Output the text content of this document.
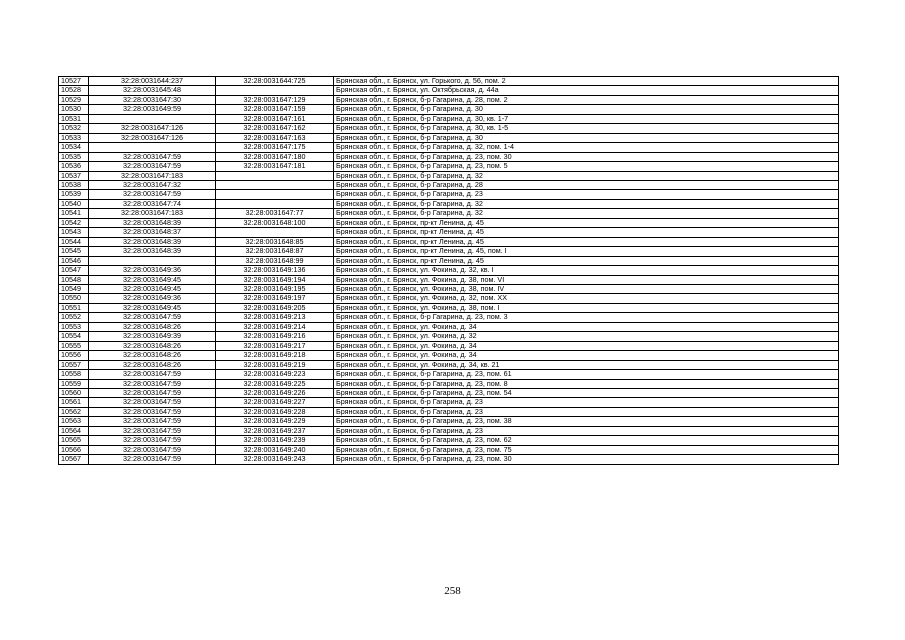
10527	32:28:0031644:237	32:28:0031644:725	Брянская обл., г. Брянск, ул. Горького, д. 56, пом. 2
10528	32:28:0031645:48		Брянская обл., г. Брянск, ул. Октябрьская, д. 44а
10529	32:28:0031647:30	32:28:0031647:129	Брянская обл., г. Брянск, б-р Гагарина, д. 28, пом. 2
10530	32:28:0031649:59	32:28:0031647:159	Брянская обл., г. Брянск, б-р Гагарина, д. 30
10531		32:28:0031647:161	Брянская обл., г. Брянск, б-р Гагарина, д. 30, кв. 1-7
10532	32:28:0031647:126	32:28:0031647:162	Брянская обл., г. Брянск, б-р Гагарина, д. 30, кв. 1-5
10533	32:28:0031647:126	32:28:0031647:163	Брянская обл., г. Брянск, б-р Гагарина, д. 30
10534		32:28:0031647:175	Брянская обл., г. Брянск, б-р Гагарина, д. 32, пом. 1-4
10535	32:28:0031647:59	32:28:0031647:180	Брянская обл., г. Брянск, б-р Гагарина, д. 23, пом. 30
10536	32:28:0031647:59	32:28:0031647:181	Брянская обл., г. Брянск, б-р Гагарина, д. 23, пом. 5
10537	32:28:0031647:183		Брянская обл., г. Брянск, б-р Гагарина, д. 32
10538	32:28:0031647:32		Брянская обл., г. Брянск, б-р Гагарина, д. 28
10539	32:28:0031647:59		Брянская обл., г. Брянск, б-р Гагарина, д. 23
10540	32:28:0031647:74		Брянская обл., г. Брянск, б-р Гагарина, д. 32
10541	32:28:0031647:183	32:28:0031647:77	Брянская обл., г. Брянск, б-р Гагарина, д. 32
10542	32:28:0031648:39	32:28:0031648:100	Брянская обл., г. Брянск, пр-кт Ленина, д. 45
10543	32:28:0031648:37		Брянская обл., г. Брянск, пр-кт Ленина, д. 45
10544	32:28:0031648:39	32:28:0031648:85	Брянская обл., г. Брянск, пр-кт Ленина, д. 45
10545	32:28:0031648:39	32:28:0031648:87	Брянская обл., г. Брянск, пр-кт Ленина, д. 45, пом. I
10546		32:28:0031648:99	Брянская обл., г. Брянск, пр-кт Ленина, д. 45
10547	32:28:0031649:36	32:28:0031649:136	Брянская обл., г. Брянск, ул. Фокина, д. 32, кв. I
10548	32:28:0031649:45	32:28:0031649:194	Брянская обл., г. Брянск, ул. Фокина, д. 38, пом. VI
10549	32:28:0031649:45	32:28:0031649:195	Брянская обл., г. Брянск, ул. Фокина, д. 38, пом. IV
10550	32:28:0031649:36	32:28:0031649:197	Брянская обл., г. Брянск, ул. Фокина, д. 32, пом. XX
10551	32:28:0031649:45	32:28:0031649:205	Брянская обл., г. Брянск, ул. Фокина, д. 38, пом. I
10552	32:28:0031647:59	32:28:0031649:213	Брянская обл., г. Брянск, б-р Гагарина, д. 23, пом. 3
10553	32:28:0031648:26	32:28:0031649:214	Брянская обл., г. Брянск, ул. Фокина, д. 34
10554	32:28:0031649:39	32:28:0031649:216	Брянская обл., г. Брянск, ул. Фокина, д. 32
10555	32:28:0031648:26	32:28:0031649:217	Брянская обл., г. Брянск, ул. Фокина, д. 34
10556	32:28:0031648:26	32:28:0031649:218	Брянская обл., г. Брянск, ул. Фокина, д. 34
10557	32:28:0031648:26	32:28:0031649:219	Брянская обл., г. Брянск, ул. Фокина, д. 34, кв. 21
10558	32:28:0031647:59	32:28:0031649:223	Брянская обл., г. Брянск, б-р Гагарина, д. 23, пом. 61
10559	32:28:0031647:59	32:28:0031649:225	Брянская обл., г. Брянск, б-р Гагарина, д. 23, пом. 8
10560	32:28:0031647:59	32:28:0031649:226	Брянская обл., г. Брянск, б-р Гагарина, д. 23, пом. 54
10561	32:28:0031647:59	32:28:0031649:227	Брянская обл., г. Брянск, б-р Гагарина, д. 23
10562	32:28:0031647:59	32:28:0031649:228	Брянская обл., г. Брянск, б-р Гагарина, д. 23
10563	32:28:0031647:59	32:28:0031649:229	Брянская обл., г. Брянск, б-р Гагарина, д. 23, пом. 38
10564	32:28:0031647:59	32:28:0031649:237	Брянская обл., г. Брянск, б-р Гагарина, д. 23
10565	32:28:0031647:59	32:28:0031649:239	Брянская обл., г. Брянск, б-р Гагарина, д. 23, пом. 62
10566	32:28:0031647:59	32:28:0031649:240	Брянская обл., г. Брянск, б-р Гагарина, д. 23, пом. 75
10567	32:28:0031647:59	32:28:0031649:243	Брянская обл., г. Брянск, б-р Гагарина, д. 23, пом. 30
258
